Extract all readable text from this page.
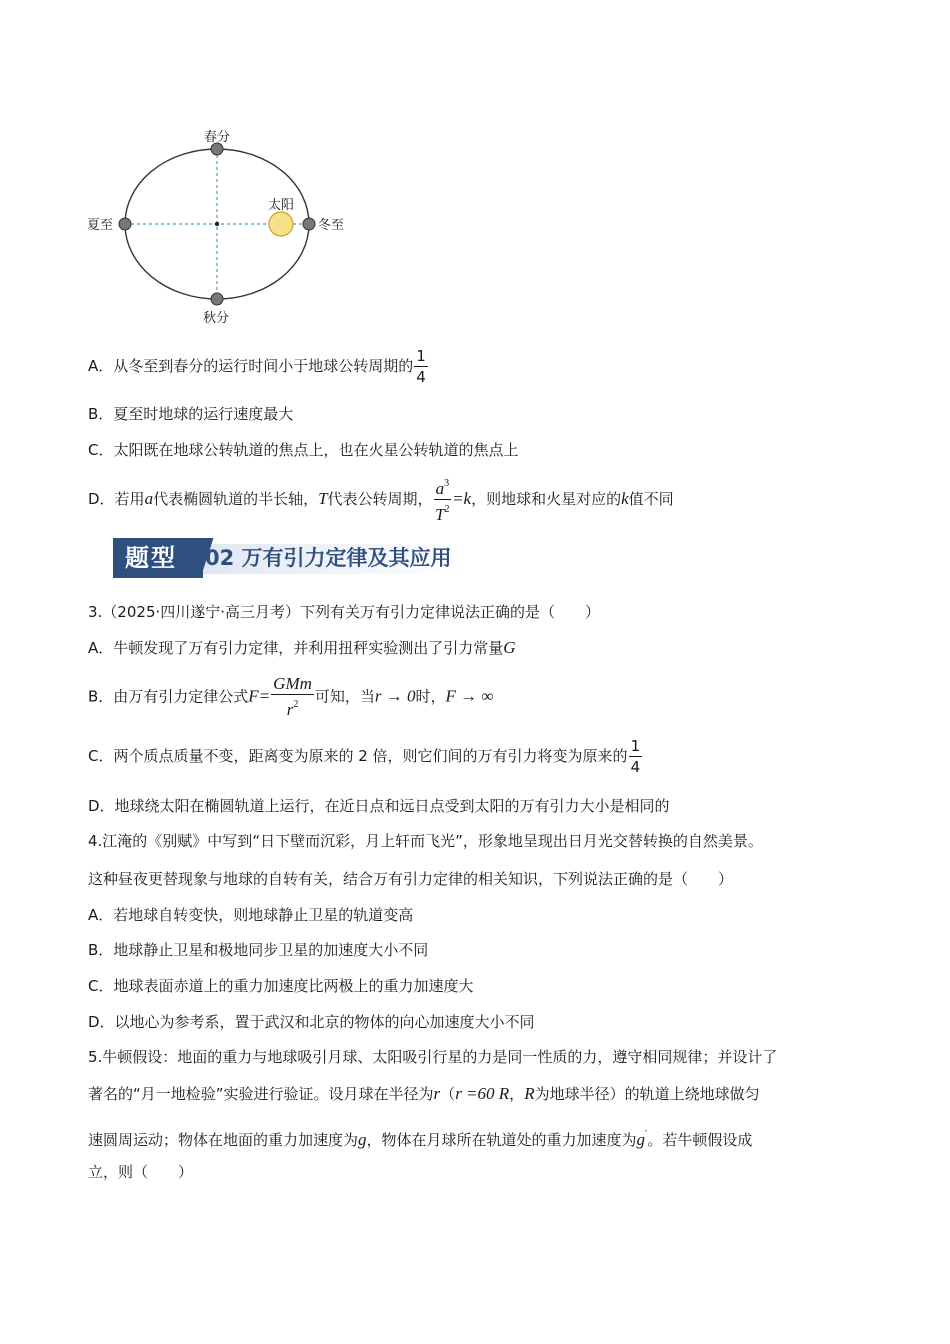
春分
夏至	冬至
秋分
太阳
A．从冬至到春分的运行时间小于地球公转周期的 $\frac{1}{4}$
B．夏至时地球的运行速度最大
C．太阳既在地球公转轨道的焦点上，也在火星公转轨道的焦点上
D．若用a代表椭圆轨道的半长轴，T代表公转周期， $\frac{a^3}{T^2} =k$，则地球和火星对应的k值不同
题型	02 万有引力定律及其应用
3.（2025·四川遂宁·高三月考）下列有关万有引力定律说法正确的是（　　）
A．牛顿发现了万有引力定律，并利用扭秤实验测出了引力常量G
B．由万有引力定律公式$F= \frac{\text{GMm}}{r^2}$ 可知，当r → 0时，F → ∞
C．两个质点质量不变，距离变为原来的 2 倍，则它们间的万有引力将变为原来的 $\frac{1}{4}$
D．地球绕太阳在椭圆轨道上运行，在近日点和远日点受到太阳的万有引力大小是相同的
4.江淹的《别赋》中写到“日下壁而沉彩，月上轩而飞光”，形象地呈现出日月光交替转换的自然美景。
这种昼夜更替现象与地球的自转有关，结合万有引力定律的相关知识，下列说法正确的是（　　）
A．若地球自转变快，则地球静止卫星的轨道变高
B．地球静止卫星和极地同步卫星的加速度大小不同
C．地球表面赤道上的重力加速度比两极上的重力加速度大
D．以地心为参考系，置于武汉和北京的物体的向心加速度大小不同
5.牛顿假设：地面的重力与地球吸引月球、太阳吸引行星的力是同一性质的力，遵守相同规律；并设计了
著名的“月一地检验”实验进行验证。设月球在半径为r（r =60 R，R为地球半径）的轨道上绕地球做匀
速圆周运动；物体在地面的重力加速度为g，物体在月球所在轨道处的重力加速度为g′。若牛顿假设成
立，则（　　）
